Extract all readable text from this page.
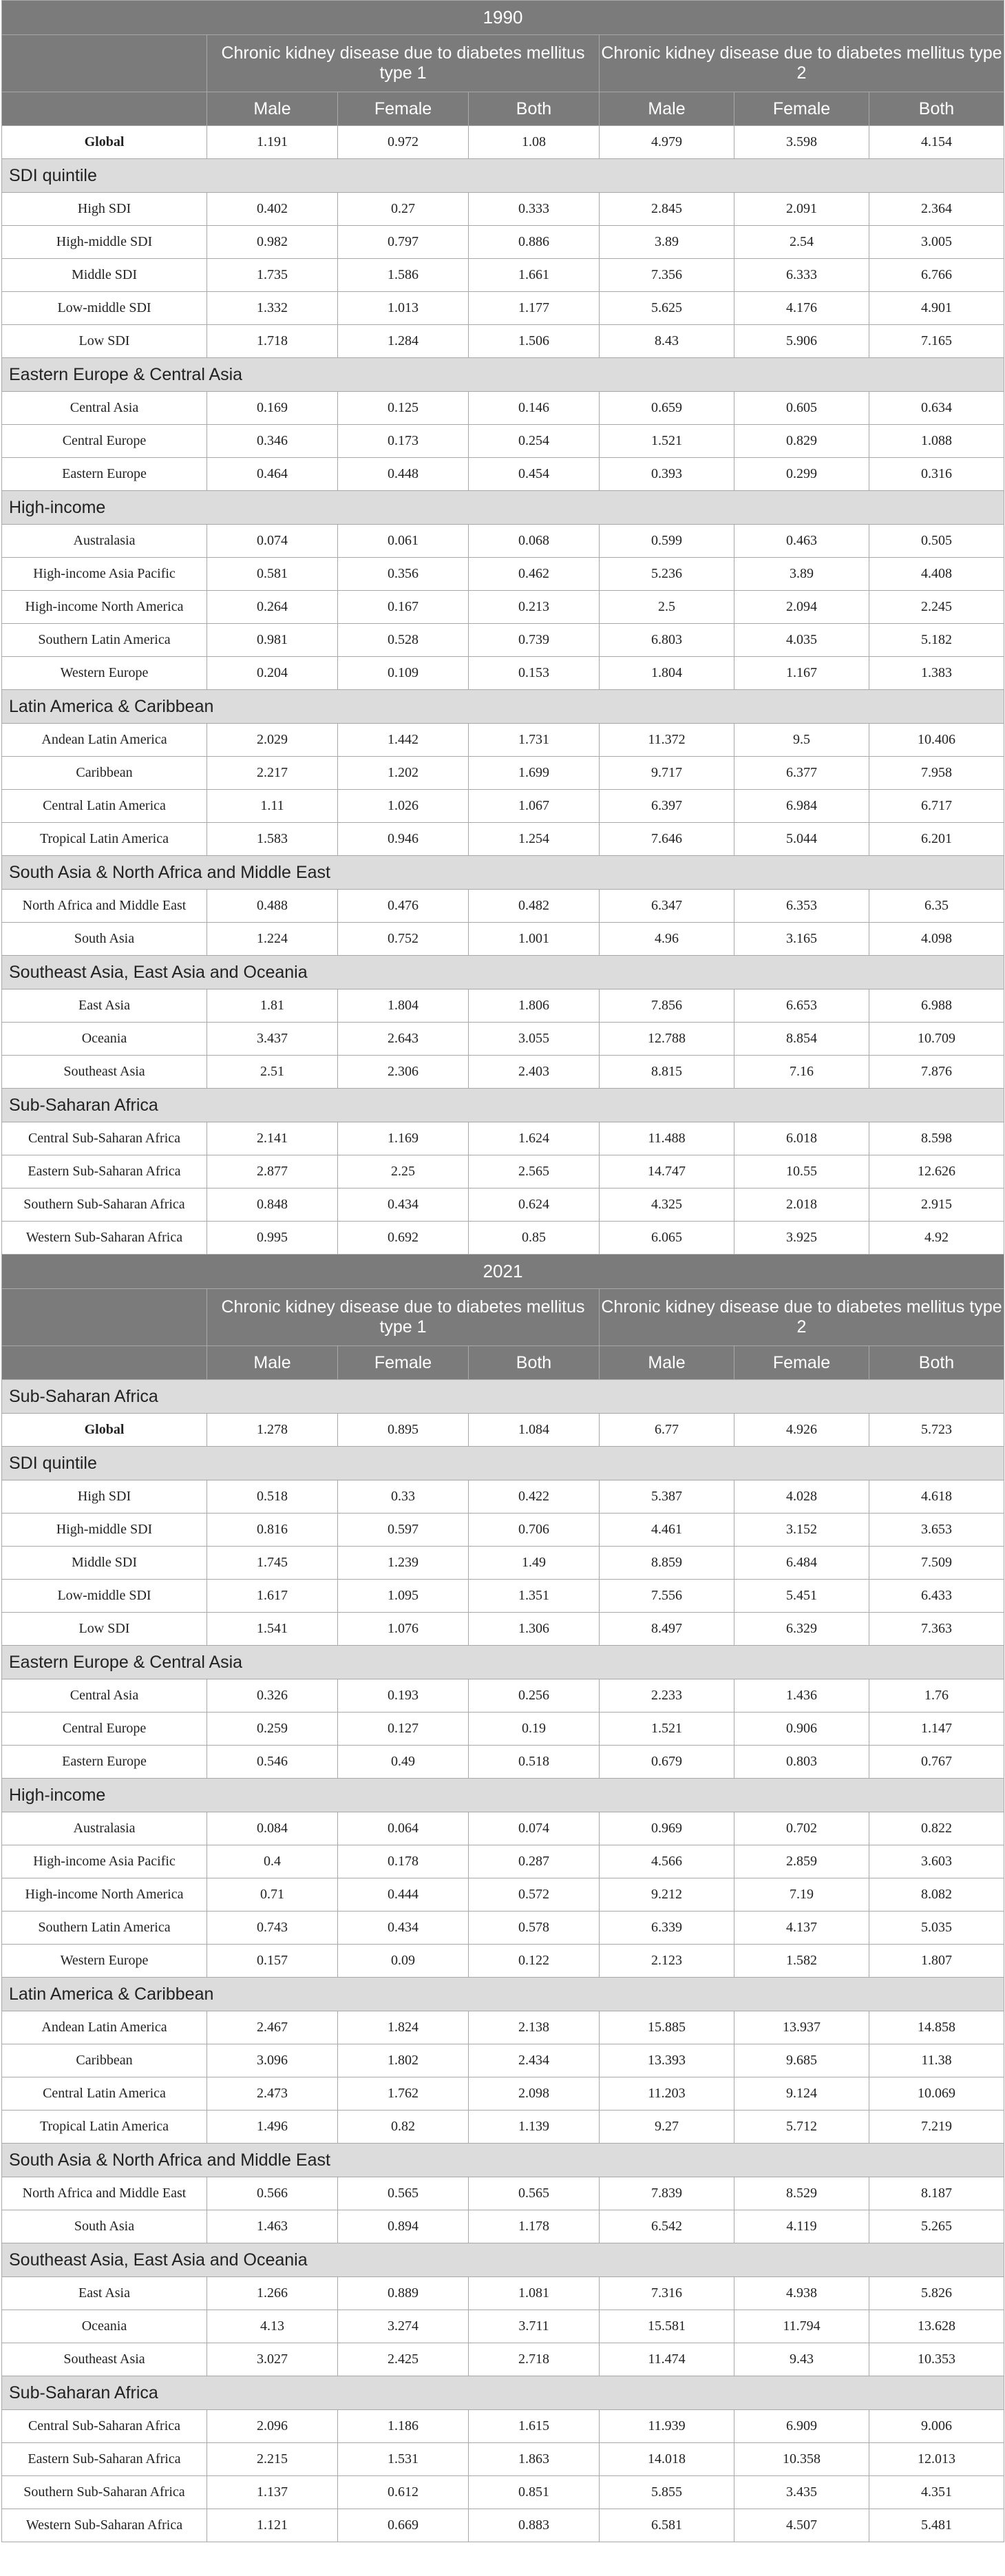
1990						
	Chronic kidney disease due to diabetes mellitus type 1			Chronic kidney disease due to diabetes mellitus type 2		
	Male	Female	Both	Male	Female	Both
Global	1.191	0.972	1.08	4.979	3.598	4.154
SDI quintile						
High SDI	0.402	0.27	0.333	2.845	2.091	2.364
High-middle SDI	0.982	0.797	0.886	3.89	2.54	3.005
Middle SDI	1.735	1.586	1.661	7.356	6.333	6.766
Low-middle SDI	1.332	1.013	1.177	5.625	4.176	4.901
Low SDI	1.718	1.284	1.506	8.43	5.906	7.165
Eastern Europe & Central Asia						
Central Asia	0.169	0.125	0.146	0.659	0.605	0.634
Central Europe	0.346	0.173	0.254	1.521	0.829	1.088
Eastern Europe	0.464	0.448	0.454	0.393	0.299	0.316
High-income						
Australasia	0.074	0.061	0.068	0.599	0.463	0.505
High-income Asia Pacific	0.581	0.356	0.462	5.236	3.89	4.408
High-income North America	0.264	0.167	0.213	2.5	2.094	2.245
Southern Latin America	0.981	0.528	0.739	6.803	4.035	5.182
Western Europe	0.204	0.109	0.153	1.804	1.167	1.383
Latin America & Caribbean						
Andean Latin America	2.029	1.442	1.731	11.372	9.5	10.406
Caribbean	2.217	1.202	1.699	9.717	6.377	7.958
Central Latin America	1.11	1.026	1.067	6.397	6.984	6.717
Tropical Latin America	1.583	0.946	1.254	7.646	5.044	6.201
South Asia & North Africa and Middle East						
North Africa and Middle East	0.488	0.476	0.482	6.347	6.353	6.35
South Asia	1.224	0.752	1.001	4.96	3.165	4.098
Southeast Asia, East Asia and Oceania						
East Asia	1.81	1.804	1.806	7.856	6.653	6.988
Oceania	3.437	2.643	3.055	12.788	8.854	10.709
Southeast Asia	2.51	2.306	2.403	8.815	7.16	7.876
Sub-Saharan Africa						
Central Sub-Saharan Africa	2.141	1.169	1.624	11.488	6.018	8.598
Eastern Sub-Saharan Africa	2.877	2.25	2.565	14.747	10.55	12.626
Southern Sub-Saharan Africa	0.848	0.434	0.624	4.325	2.018	2.915
Western Sub-Saharan Africa	0.995	0.692	0.85	6.065	3.925	4.92
2021						
	Chronic kidney disease due to diabetes mellitus type 1			Chronic kidney disease due to diabetes mellitus type 2		
	Male	Female	Both	Male	Female	Both
Sub-Saharan Africa						
Global	1.278	0.895	1.084	6.77	4.926	5.723
SDI quintile						
High SDI	0.518	0.33	0.422	5.387	4.028	4.618
High-middle SDI	0.816	0.597	0.706	4.461	3.152	3.653
Middle SDI	1.745	1.239	1.49	8.859	6.484	7.509
Low-middle SDI	1.617	1.095	1.351	7.556	5.451	6.433
Low SDI	1.541	1.076	1.306	8.497	6.329	7.363
Eastern Europe & Central Asia						
Central Asia	0.326	0.193	0.256	2.233	1.436	1.76
Central Europe	0.259	0.127	0.19	1.521	0.906	1.147
Eastern Europe	0.546	0.49	0.518	0.679	0.803	0.767
High-income						
Australasia	0.084	0.064	0.074	0.969	0.702	0.822
High-income Asia Pacific	0.4	0.178	0.287	4.566	2.859	3.603
High-income North America	0.71	0.444	0.572	9.212	7.19	8.082
Southern Latin America	0.743	0.434	0.578	6.339	4.137	5.035
Western Europe	0.157	0.09	0.122	2.123	1.582	1.807
Latin America & Caribbean						
Andean Latin America	2.467	1.824	2.138	15.885	13.937	14.858
Caribbean	3.096	1.802	2.434	13.393	9.685	11.38
Central Latin America	2.473	1.762	2.098	11.203	9.124	10.069
Tropical Latin America	1.496	0.82	1.139	9.27	5.712	7.219
South Asia & North Africa and Middle East						
North Africa and Middle East	0.566	0.565	0.565	7.839	8.529	8.187
South Asia	1.463	0.894	1.178	6.542	4.119	5.265
Southeast Asia, East Asia and Oceania						
East Asia	1.266	0.889	1.081	7.316	4.938	5.826
Oceania	4.13	3.274	3.711	15.581	11.794	13.628
Southeast Asia	3.027	2.425	2.718	11.474	9.43	10.353
Sub-Saharan Africa						
Central Sub-Saharan Africa	2.096	1.186	1.615	11.939	6.909	9.006
Eastern Sub-Saharan Africa	2.215	1.531	1.863	14.018	10.358	12.013
Southern Sub-Saharan Africa	1.137	0.612	0.851	5.855	3.435	4.351
Western Sub-Saharan Africa	1.121	0.669	0.883	6.581	4.507	5.481
